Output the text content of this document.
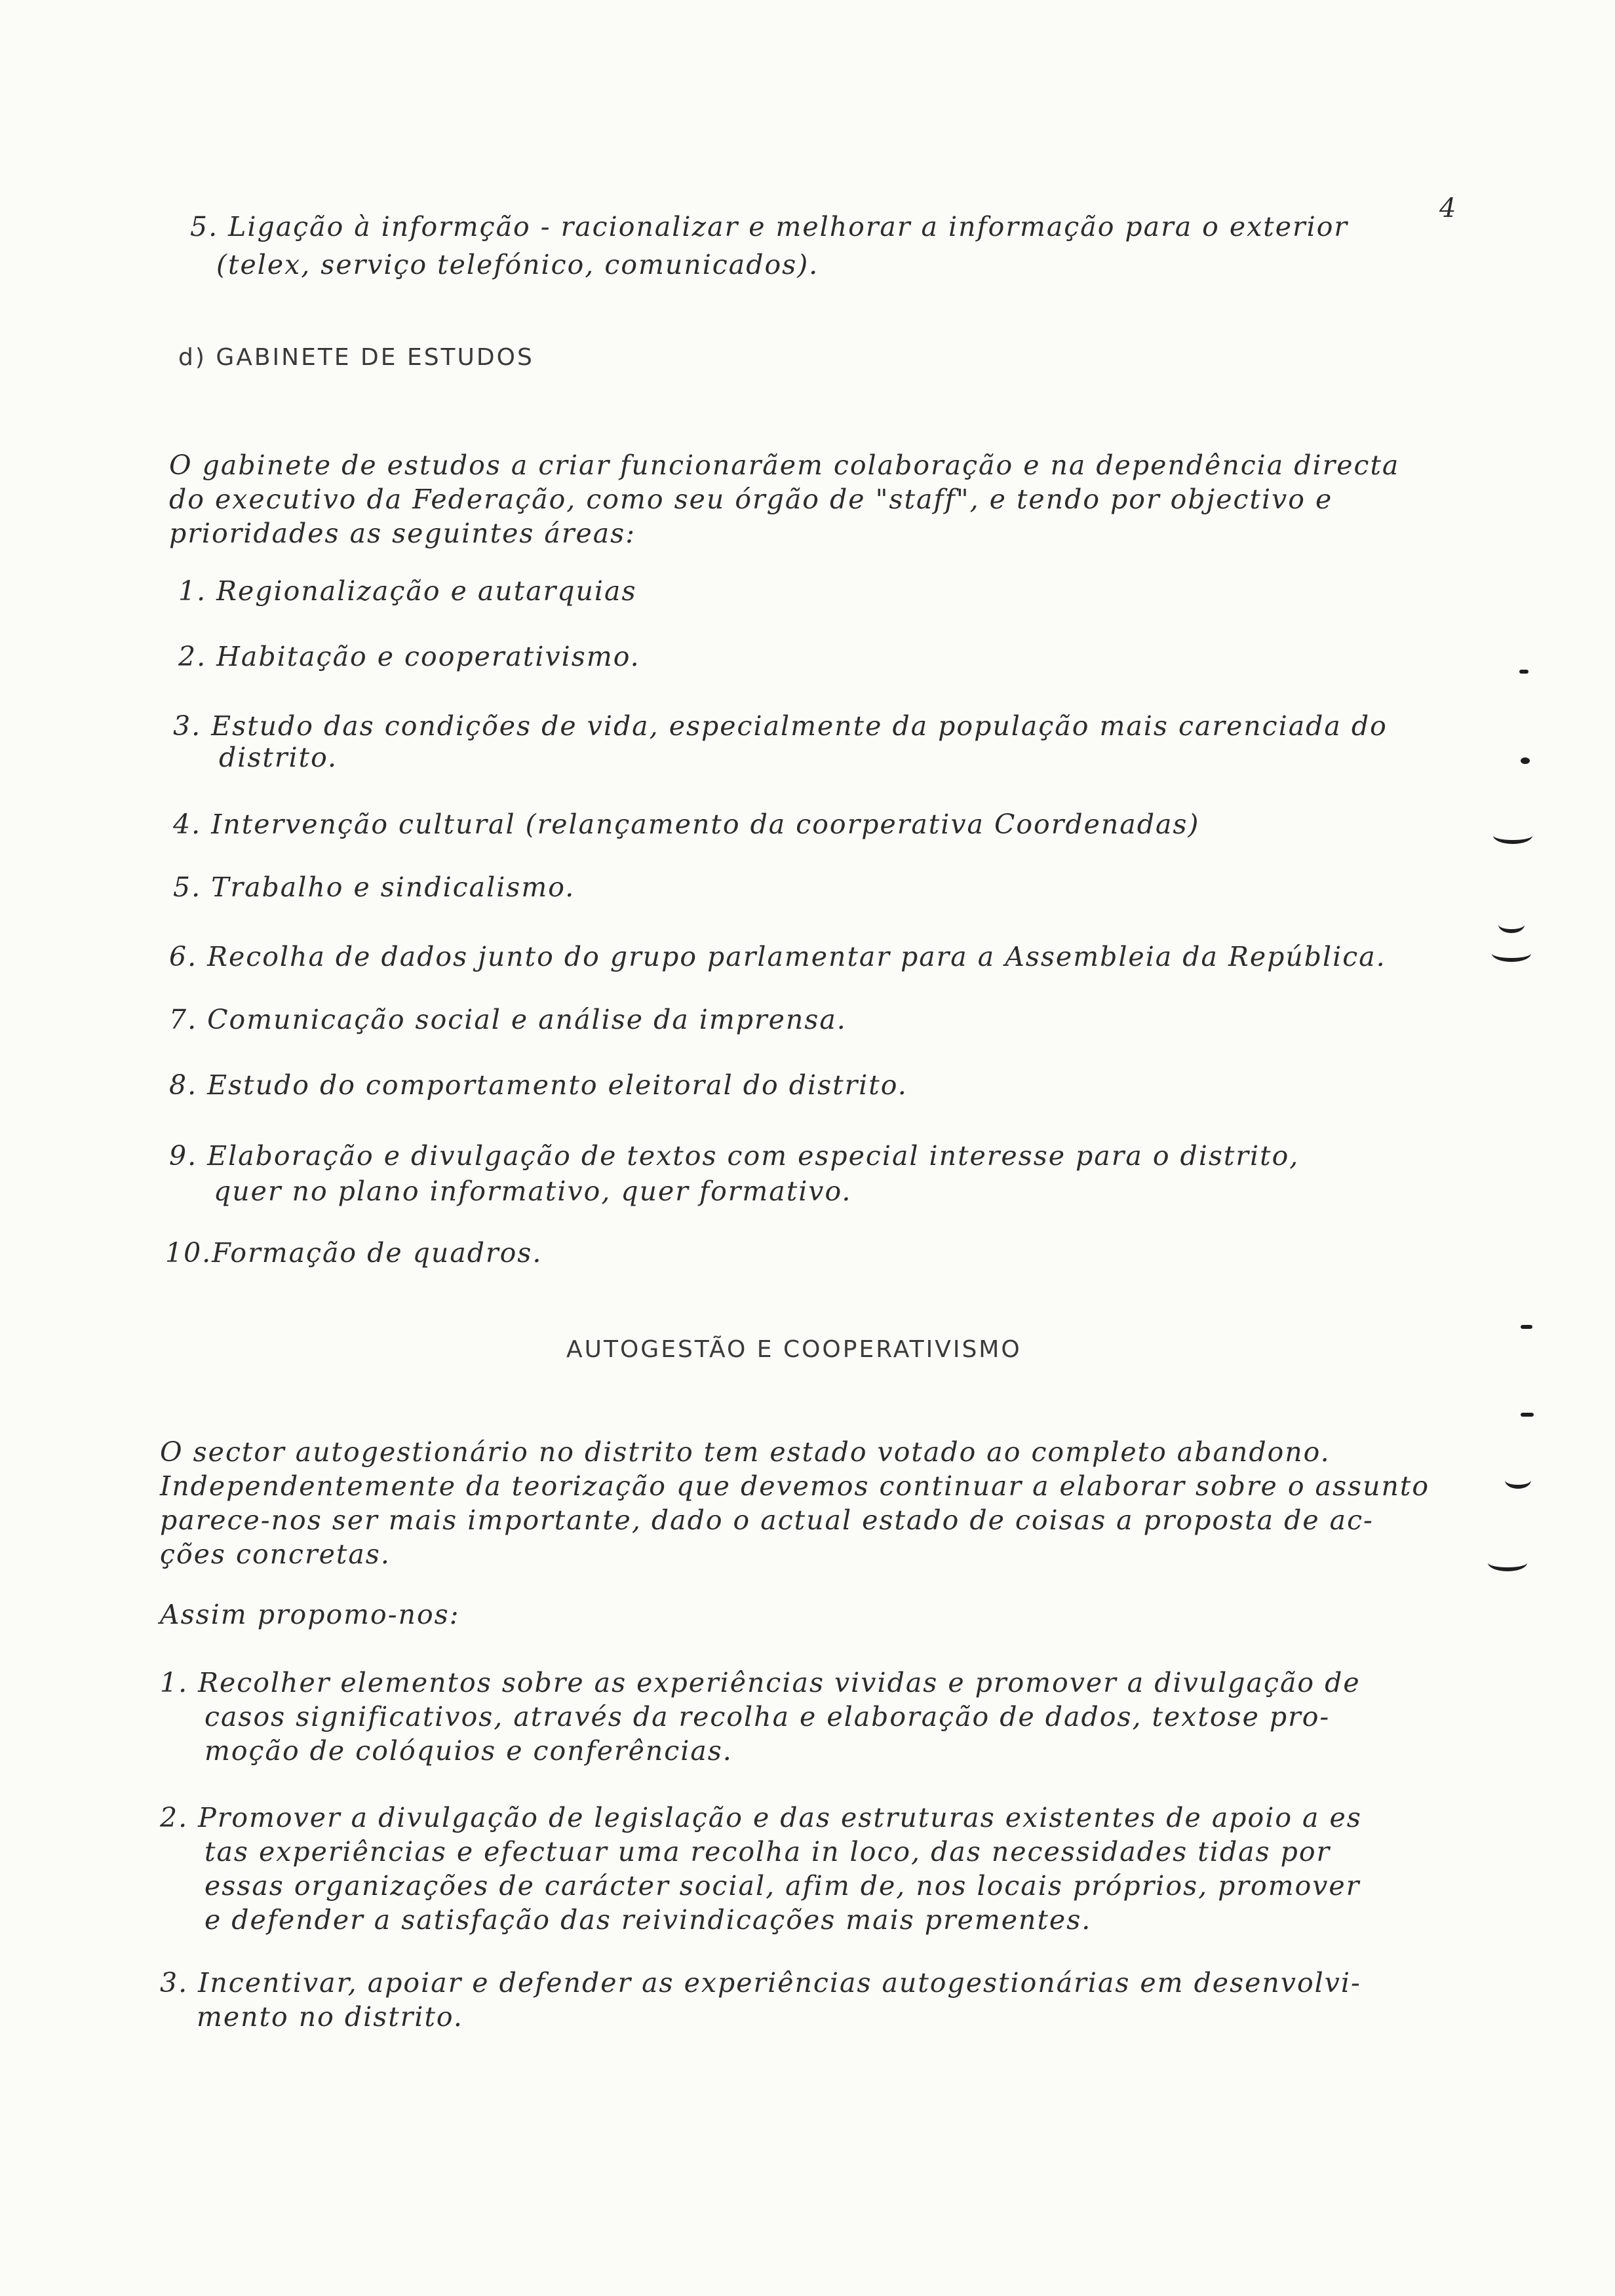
4
5. Ligação à informção - racionalizar e melhorar a informação para o exterior
(telex, serviço telefónico, comunicados).
d) GABINETE DE ESTUDOS
O gabinete de estudos a criar funcionarãem colaboração e na dependência directa
do executivo da Federação, como seu órgão de "staff", e tendo por objectivo e
prioridades as seguintes áreas:
1. Regionalização e autarquias
2. Habitação e cooperativismo.
3. Estudo das condições de vida, especialmente da população mais carenciada do
distrito.
4. Intervenção cultural (relançamento da coorperativa Coordenadas)
5. Trabalho e sindicalismo.
6. Recolha de dados junto do grupo parlamentar para a Assembleia da República.
7. Comunicação social e análise da imprensa.
8. Estudo do comportamento eleitoral do distrito.
9. Elaboração e divulgação de textos com especial interesse para o distrito,
quer no plano informativo, quer formativo.
10.Formação de quadros.
AUTOGESTÃO E COOPERATIVISMO
O sector autogestionário no distrito tem estado votado ao completo abandono.
Independentemente da teorização que devemos continuar a elaborar sobre o assunto
parece-nos ser mais importante, dado o actual estado de coisas a proposta de ac-
ções concretas.
Assim propomo-nos:
1. Recolher elementos sobre as experiências vividas e promover a divulgação de
casos significativos, através da recolha e elaboração de dados, textose pro-
moção de colóquios e conferências.
2. Promover a divulgação de legislação e das estruturas existentes de apoio a es
tas experiências e efectuar uma recolha in loco, das necessidades tidas por
essas organizações de carácter social, afim de, nos locais próprios, promover
e defender a satisfação das reivindicações mais prementes.
3. Incentivar, apoiar e defender as experiências autogestionárias em desenvolvi-
mento no distrito.
